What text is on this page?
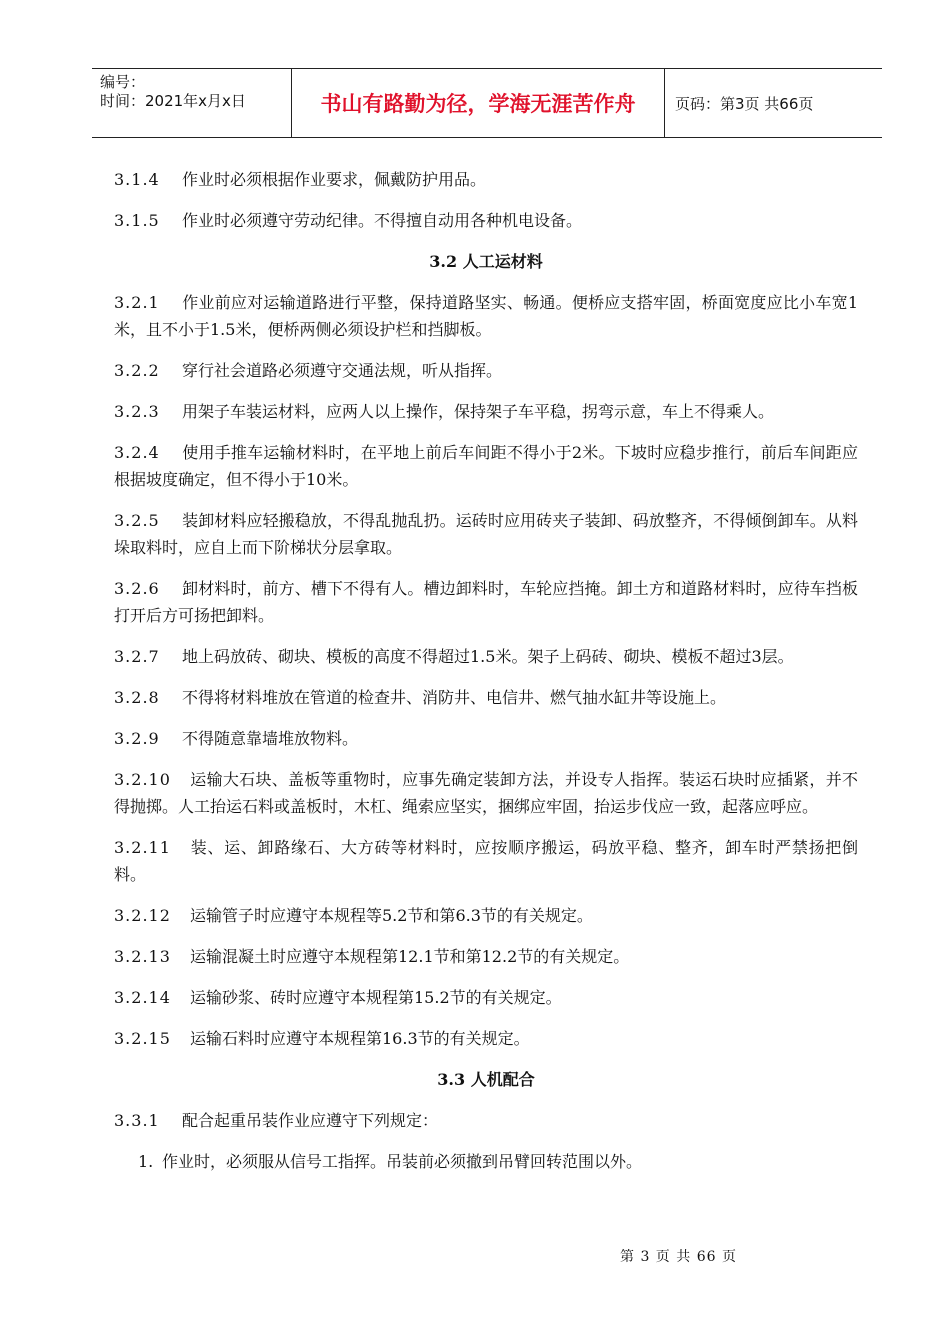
编号：
时间：2021年x月x日	书山有路勤为径，学海无涯苦作舟	页码：第3页 共66页

3.1.4 作业时必须根据作业要求，佩戴防护用品。

3.1.5 作业时必须遵守劳动纪律。不得擅自动用各种机电设备。

3.2 人工运材料

3.2.1 作业前应对运输道路进行平整，保持道路坚实、畅通。便桥应支搭牢固，桥面宽度应比小车宽1米，且不小于1.5米，便桥两侧必须设护栏和挡脚板。

3.2.2 穿行社会道路必须遵守交通法规，听从指挥。

3.2.3 用架子车装运材料，应两人以上操作，保持架子车平稳，拐弯示意，车上不得乘人。

3.2.4 使用手推车运输材料时，在平地上前后车间距不得小于2米。下坡时应稳步推行，前后车间距应根据坡度确定，但不得小于10米。

3.2.5 装卸材料应轻搬稳放，不得乱抛乱扔。运砖时应用砖夹子装卸、码放整齐，不得倾倒卸车。从料垛取料时，应自上而下阶梯状分层拿取。

3.2.6 卸材料时，前方、槽下不得有人。槽边卸料时，车轮应挡掩。卸土方和道路材料时，应待车挡板打开后方可扬把卸料。

3.2.7 地上码放砖、砌块、模板的高度不得超过1.5米。架子上码砖、砌块、模板不超过3层。

3.2.8 不得将材料堆放在管道的检查井、消防井、电信井、燃气抽水缸井等设施上。

3.2.9 不得随意靠墙堆放物料。

3.2.10 运输大石块、盖板等重物时，应事先确定装卸方法，并设专人指挥。装运石块时应插紧，并不得抛掷。人工抬运石料或盖板时，木杠、绳索应坚实，捆绑应牢固，抬运步伐应一致，起落应呼应。

3.2.11 装、运、卸路缘石、大方砖等材料时，应按顺序搬运，码放平稳、整齐，卸车时严禁扬把倒料。

3.2.12 运输管子时应遵守本规程等5.2节和第6.3节的有关规定。

3.2.13 运输混凝土时应遵守本规程第12.1节和第12.2节的有关规定。

3.2.14 运输砂浆、砖时应遵守本规程第15.2节的有关规定。

3.2.15 运输石料时应遵守本规程第16.3节的有关规定。

3.3 人机配合

3.3.1 配合起重吊装作业应遵守下列规定：

1. 作业时，必须服从信号工指挥。吊装前必须撤到吊臂回转范围以外。

第 3 页 共 66 页
